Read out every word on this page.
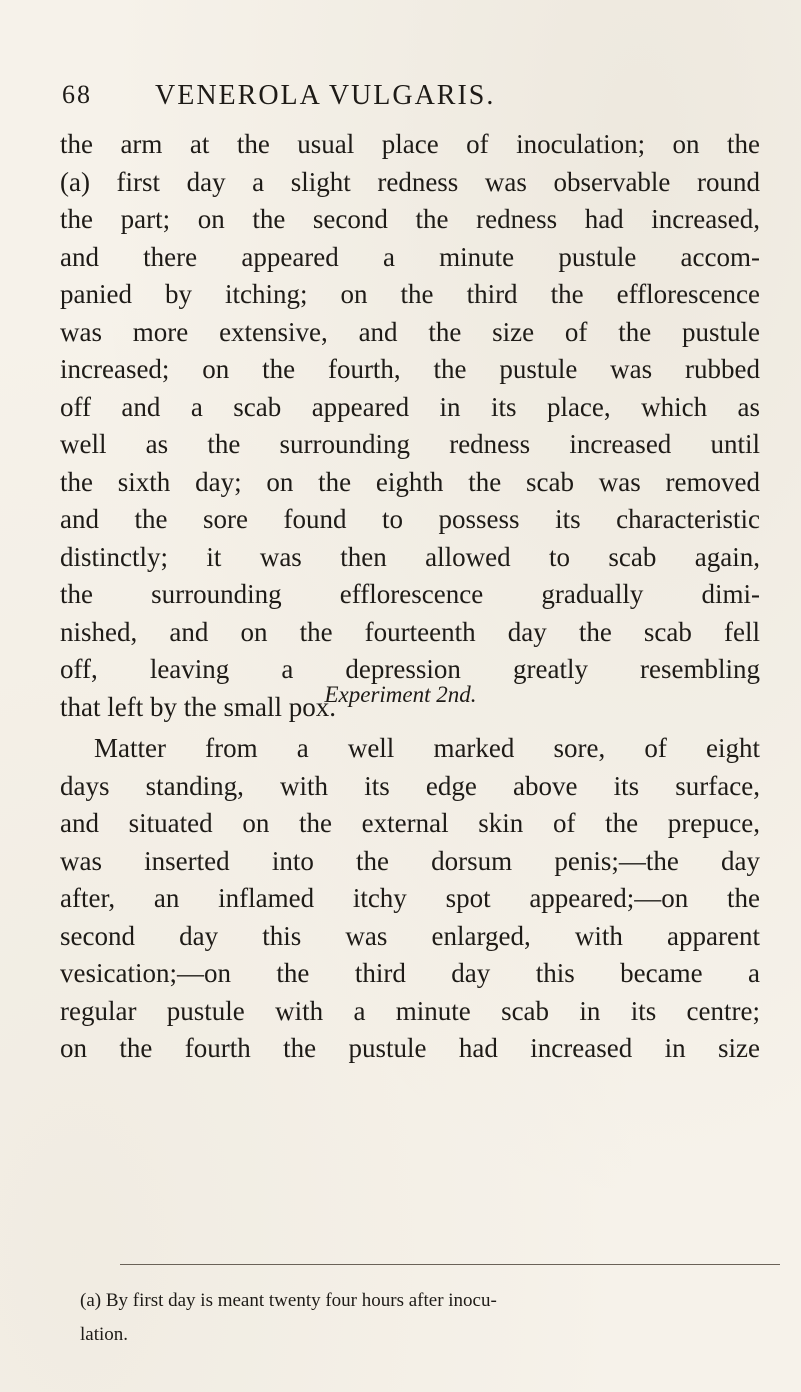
68 VENEROLA VULGARIS.
the arm at the usual place of inoculation; on the
(a) first day a slight redness was observable round
the part; on the second the redness had increased,
and there appeared a minute pustule accom-
panied by itching; on the third the efflorescence
was more extensive, and the size of the pustule
increased; on the fourth, the pustule was rubbed
off and a scab appeared in its place, which as
well as the surrounding redness increased until
the sixth day; on the eighth the scab was removed
and the sore found to possess its characteristic
distinctly; it was then allowed to scab again,
the surrounding efflorescence gradually dimi-
nished, and on the fourteenth day the scab fell
off, leaving a depression greatly resembling
that left by the small pox.
Experiment 2nd.
Matter from a well marked sore, of eight
days standing, with its edge above its surface,
and situated on the external skin of the prepuce,
was inserted into the dorsum penis;—the day
after, an inflamed itchy spot appeared;—on the
second day this was enlarged, with apparent
vesication;—on the third day this became a
regular pustule with a minute scab in its centre;
on the fourth the pustule had increased in size
(a) By first day is meant twenty four hours after inocu-
lation.
